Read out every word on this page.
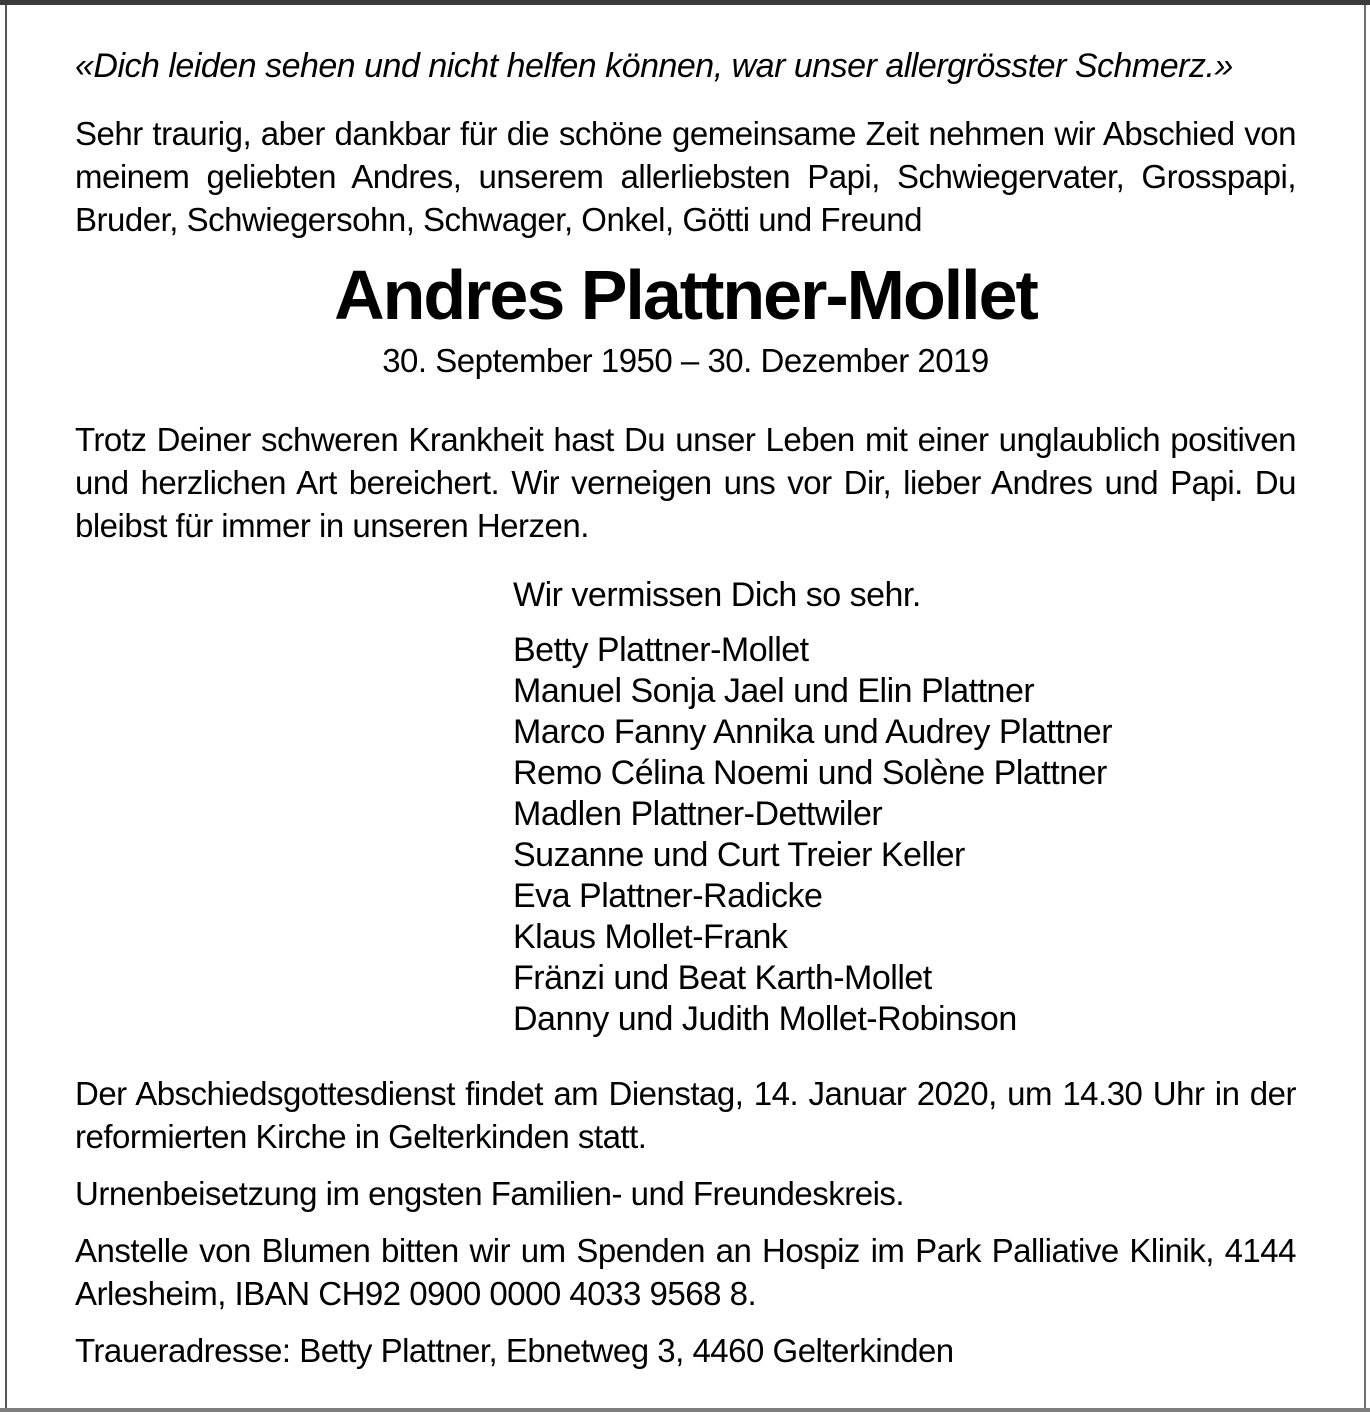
«Dich leiden sehen und nicht helfen können, war unser allergrösster Schmerz.»

Sehr traurig, aber dankbar für die schöne gemeinsame Zeit nehmen wir Abschied von meinem geliebten Andres, unserem allerliebsten Papi, Schwiegervater, Grosspapi, Bruder, Schwiegersohn, Schwager, Onkel, Götti und Freund

Andres Plattner-Mollet

30. September 1950 – 30. Dezember 2019

Trotz Deiner schweren Krankheit hast Du unser Leben mit einer unglaublich positiven und herzlichen Art bereichert. Wir verneigen uns vor Dir, lieber Andres und Papi. Du bleibst für immer in unseren Herzen.

Wir vermissen Dich so sehr.

Betty Plattner-Mollet
Manuel Sonja Jael und Elin Plattner
Marco Fanny Annika und Audrey Plattner
Remo Célina Noemi und Solène Plattner
Madlen Plattner-Dettwiler
Suzanne und Curt Treier Keller
Eva Plattner-Radicke
Klaus Mollet-Frank
Fränzi und Beat Karth-Mollet
Danny und Judith Mollet-Robinson

Der Abschiedsgottesdienst findet am Dienstag, 14. Januar 2020, um 14.30 Uhr in der reformierten Kirche in Gelterkinden statt.

Urnenbeisetzung im engsten Familien- und Freundeskreis.

Anstelle von Blumen bitten wir um Spenden an Hospiz im Park Palliative Klinik, 4144 Arlesheim, IBAN CH92 0900 0000 4033 9568 8.

Traueradresse: Betty Plattner, Ebnetweg 3, 4460 Gelterkinden
